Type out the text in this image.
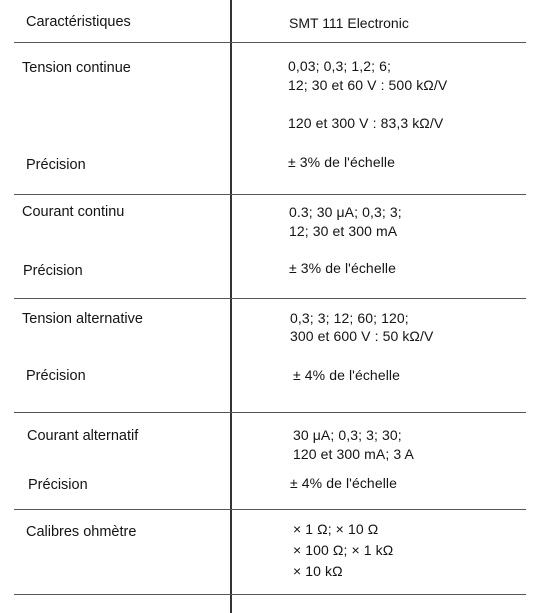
Caractéristiques	SMT 111 Electronic
Tension continue	0,03; 0,3; 1,2; 6;
12; 30 et 60 V : 500 kΩ/V
120 et 300 V : 83,3 kΩ/V
Précision	± 3% de l'échelle
Courant continu	0.3; 30 μA; 0,3; 3;
12; 30 et 300 mA
Précision	± 3% de l'échelle
Tension alternative	0,3; 3; 12; 60; 120;
300 et 600 V : 50 kΩ/V
Précision	± 4% de l'échelle
Courant alternatif	30 μA; 0,3; 3; 30;
120 et 300 mA; 3 A
Précision	± 4% de l'échelle
Calibres ohmètre	× 1 Ω; × 10 Ω
× 100 Ω; × 1 kΩ
× 10 kΩ
